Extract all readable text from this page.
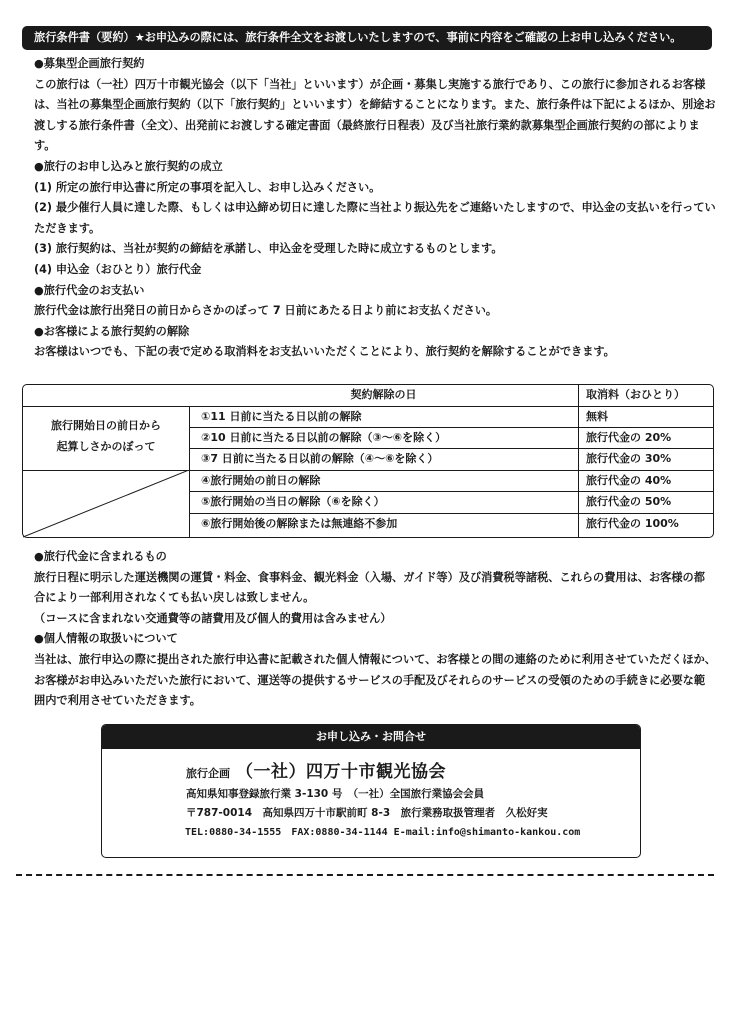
旅行条件書（要約）★お申込みの際には、旅行条件全文をお渡しいたしますので、事前に内容をご確認の上お申し込みください。

● 募集型企画旅行契約

この旅行は（一社）四万十市観光協会（以下「当社」といいます）が企画・募集し実施する旅行であり、この旅行に参加されるお客様は、当社の募集型企画旅行契約（以下「旅行契約」といいます）を締結することになります。また、旅行条件は下記によるほか、別途お渡しする旅行条件書（全文）、出発前にお渡しする確定書面（最終旅行日程表）及び当社旅行業約款募集型企画旅行契約の部によります。

● 旅行のお申し込みと旅行契約の成立

(1) 所定の旅行申込書に所定の事項を記入し、お申し込みください。

(2) 最少催行人員に達した際、もしくは申込締め切日に達した際に当社より振込先をご連絡いたしますので、申込金の支払いを行っていただきます。

(3) 旅行契約は、当社が契約の締結を承諾し、申込金を受理した時に成立するものとします。

(4) 申込金（おひとり）旅行代金

● 旅行代金のお支払い

旅行代金は旅行出発日の前日からさかのぼって 7 日前にあたる日より前にお支払ください。

● お客様による旅行契約の解除

お客様はいつでも、下記の表で定める取消料をお支払いいただくことにより、旅行契約を解除することができます。

契約解除の日	取消料（おひとり）
旅行開始日の前日から
起算しさかのぼって
①11 日前に当たる日以前の解除	無料
②10 日前に当たる日以前の解除（③～⑥を除く）	旅行代金の 20%
③7 日前に当たる日以前の解除（④～⑥を除く）	旅行代金の 30%
④旅行開始の前日の解除	旅行代金の 40%
⑤旅行開始の当日の解除（⑥を除く）	旅行代金の 50%
⑥旅行開始後の解除または無連絡不参加	旅行代金の 100%

● 旅行代金に含まれるもの

旅行日程に明示した運送機関の運賃・料金、食事料金、観光料金（入場、ガイド等）及び消費税等諸税、これらの費用は、お客様の都合により一部利用されなくても払い戻しは致しません。

（コースに含まれない交通費等の諸費用及び個人的費用は含みません）

● 個人情報の取扱いについて

当社は、旅行申込の際に提出された旅行申込書に記載された個人情報について、お客様との間の連絡のために利用させていただくほか、お客様がお申込みいただいた旅行において、運送等の提供するサービスの手配及びそれらのサービスの受領のための手続きに必要な範囲内で利用させていただきます。

お申し込み・お問合せ
旅行企画 （一社）四万十市観光協会
高知県知事登録旅行業 3-130 号　（一社）全国旅行業協会会員
〒787-0014　高知県四万十市駅前町 8-3　旅行業務取扱管理者　久松好実
TEL:0880-34-1555　FAX:0880-34-1144 E-mail:info@shimanto-kankou.com
